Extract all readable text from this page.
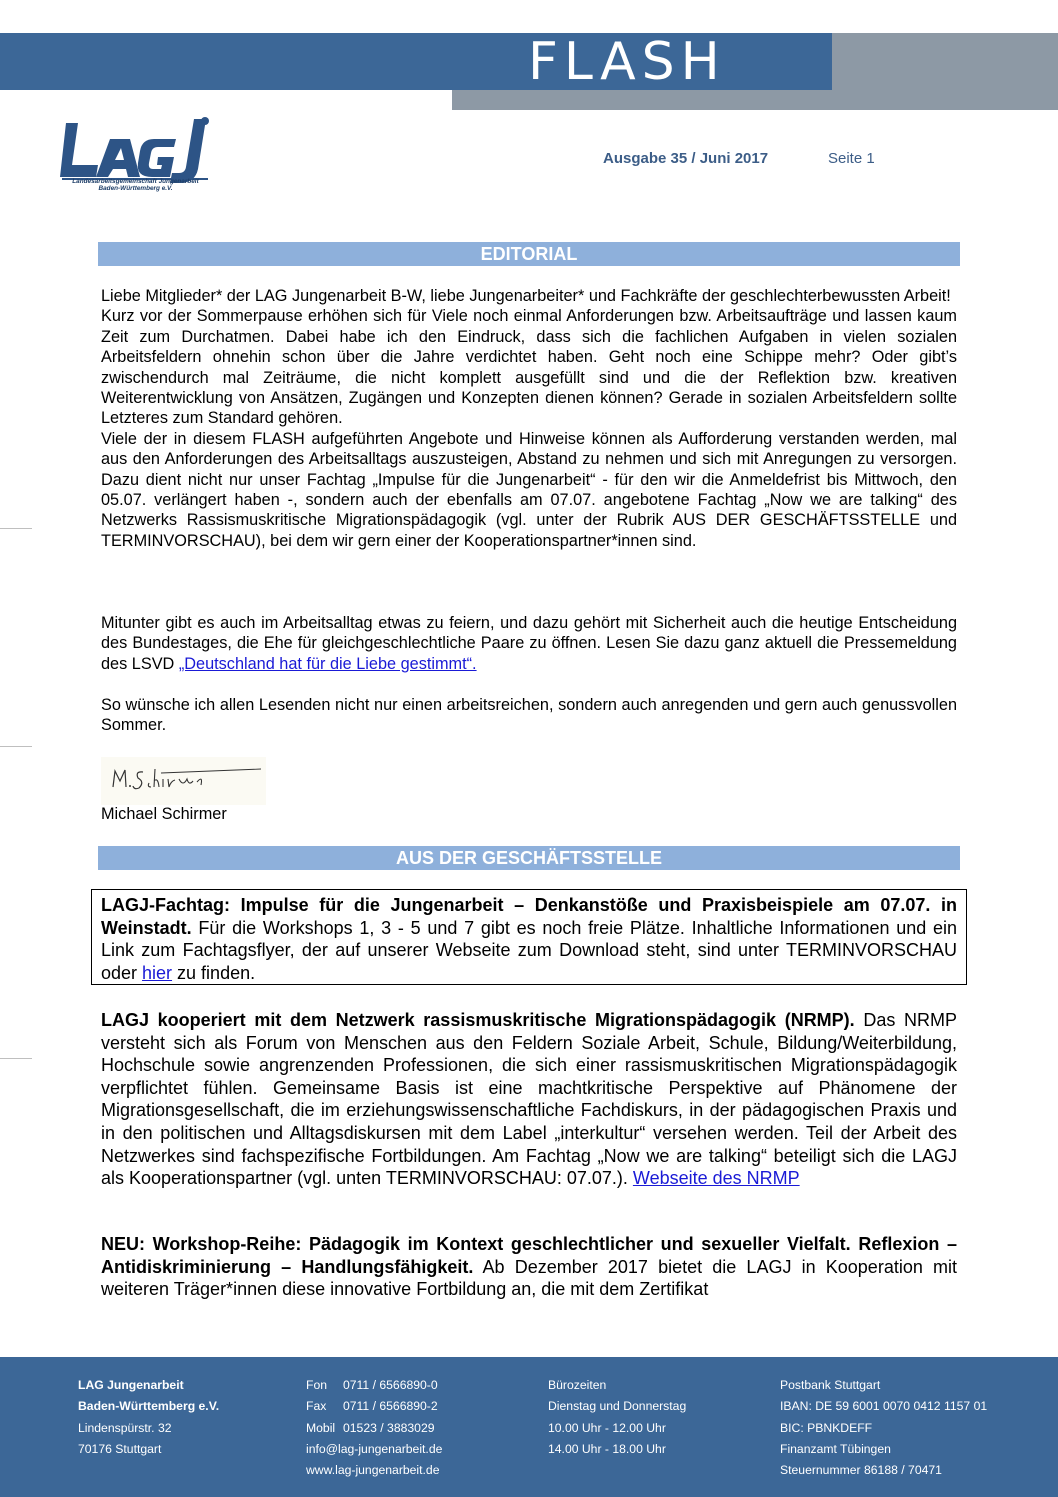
FLASH
Landesarbeitsgemeinschaft Jungenarbeit
Baden-Württemberg e.V.
Ausgabe 35 / Juni 2017	Seite 1
EDITORIAL
Liebe Mitglieder* der LAG Jungenarbeit B-W, liebe Jungenarbeiter* und Fachkräfte der geschlechterbewussten Arbeit!
Kurz vor der Sommerpause erhöhen sich für Viele noch einmal Anforderungen bzw. Arbeitsaufträge und lassen kaum Zeit zum Durchatmen. Dabei habe ich den Eindruck, dass sich die fachlichen Aufgaben in vielen sozialen Arbeitsfeldern ohnehin schon über die Jahre verdichtet haben. Geht noch eine Schippe mehr? Oder gibt’s zwischendurch mal Zeiträume, die nicht komplett ausgefüllt sind und die der Reflektion bzw. kreativen Weiterentwicklung von Ansätzen, Zugängen und Konzepten dienen können? Gerade in sozialen Arbeitsfeldern sollte Letzteres zum Standard gehören.
Viele der in diesem FLASH aufgeführten Angebote und Hinweise können als Aufforderung verstanden werden, mal aus den Anforderungen des Arbeitsalltags auszusteigen, Abstand zu nehmen und sich mit Anregungen zu versorgen. Dazu dient nicht nur unser Fachtag „Impulse für die Jungenarbeit“ - für den wir die Anmeldefrist bis Mittwoch, den 05.07. verlängert haben -, sondern auch der ebenfalls am 07.07. angebotene Fachtag „Now we are talking“ des Netzwerks Rassismuskritische Migrationspädagogik (vgl. unter der Rubrik AUS DER GESCHÄFTSSTELLE und TERMINVORSCHAU), bei dem wir gern einer der Kooperationspartner*innen sind.
Mitunter gibt es auch im Arbeitsalltag etwas zu feiern, und dazu gehört mit Sicherheit auch die heutige Entscheidung des Bundestages, die Ehe für gleichgeschlechtliche Paare zu öffnen. Lesen Sie dazu ganz aktuell die Pressemeldung des LSVD „Deutschland hat für die Liebe gestimmt“.
So wünsche ich allen Lesenden nicht nur einen arbeitsreichen, sondern auch anregenden und gern auch genussvollen Sommer.
Michael Schirmer
AUS DER GESCHÄFTSSTELLE
LAGJ-Fachtag: Impulse für die Jungenarbeit – Denkanstöße und Praxisbeispiele am 07.07. in Weinstadt. Für die Workshops 1, 3 - 5 und 7 gibt es noch freie Plätze. Inhaltliche Informationen und ein Link zum Fachtagsflyer, der auf unserer Webseite zum Download steht, sind unter TERMINVORSCHAU oder hier zu finden.
LAGJ kooperiert mit dem Netzwerk rassismuskritische Migrationspädagogik (NRMP). Das NRMP versteht sich als Forum von Menschen aus den Feldern Soziale Arbeit, Schule, Bildung/Weiterbildung, Hochschule sowie angrenzenden Professionen, die sich einer rassismuskritischen Migrationspädagogik verpflichtet fühlen. Gemeinsame Basis ist eine machtkritische Perspektive auf Phänomene der Migrationsgesellschaft, die im erziehungswissenschaftliche Fachdiskurs, in der pädagogischen Praxis und in den politischen und Alltagsdiskursen mit dem Label „interkultur“ versehen werden. Teil der Arbeit des Netzwerkes sind fachspezifische Fortbildungen. Am Fachtag „Now we are talking“ beteiligt sich die LAGJ als Kooperationspartner (vgl. unten TERMINVORSCHAU: 07.07.). Webseite des NRMP
NEU: Workshop-Reihe: Pädagogik im Kontext geschlechtlicher und sexueller Vielfalt. Reflexion – Antidiskriminierung – Handlungsfähigkeit. Ab Dezember 2017 bietet die LAGJ in Kooperation mit weiteren Träger*innen diese innovative Fortbildung an, die mit dem Zertifikat
LAG Jungenarbeit
Baden-Württemberg e.V.
Lindenspürstr. 32
70176 Stuttgart
Fon	0711 / 6566890-0
Fax	0711 / 6566890-2
Mobil 01523 / 3883029
info@lag-jungenarbeit.de
www.lag-jungenarbeit.de
Bürozeiten
Dienstag und Donnerstag
10.00 Uhr - 12.00 Uhr
14.00 Uhr - 18.00 Uhr
Postbank Stuttgart
IBAN: DE 59 6001 0070 0412 1157 01
BIC: PBNKDEFF
Finanzamt Tübingen
Steuernummer 86188 / 70471
